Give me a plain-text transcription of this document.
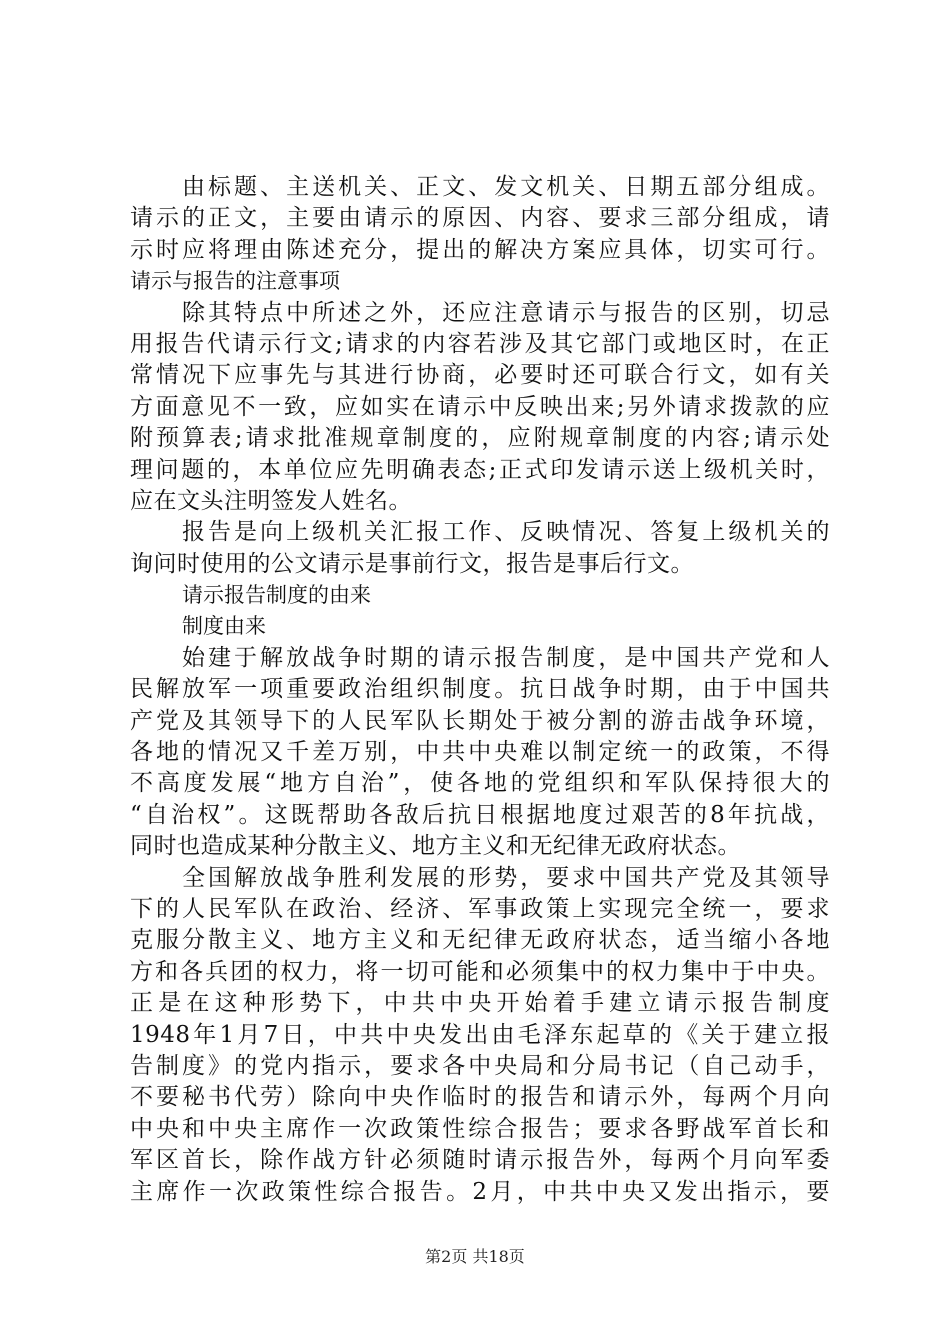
由标题、主送机关、正文、发文机关、日期五部分组成。
请示的正文，主要由请示的原因、内容、要求三部分组成，请
示时应将理由陈述充分，提出的解决方案应具体，切实可行。
请示与报告的注意事项
除其特点中所述之外，还应注意请示与报告的区别，切忌
用报告代请示行文;请求的内容若涉及其它部门或地区时，在正
常情况下应事先与其进行协商，必要时还可联合行文，如有关
方面意见不一致，应如实在请示中反映出来;另外请求拨款的应
附预算表;请求批准规章制度的，应附规章制度的内容;请示处
理问题的，本单位应先明确表态;正式印发请示送上级机关时，
应在文头注明签发人姓名。
报告是向上级机关汇报工作、反映情况、答复上级机关的
询问时使用的公文请示是事前行文，报告是事后行文。
请示报告制度的由来
制度由来
始建于解放战争时期的请示报告制度，是中国共产党和人
民解放军一项重要政治组织制度。抗日战争时期，由于中国共
产党及其领导下的人民军队长期处于被分割的游击战争环境，
各地的情况又千差万别，中共中央难以制定统一的政策，不得
不高度发展“地方自治”，使各地的党组织和军队保持很大的
“自治权”。这既帮助各敌后抗日根据地度过艰苦的8年抗战，
同时也造成某种分散主义、地方主义和无纪律无政府状态。
全国解放战争胜利发展的形势，要求中国共产党及其领导
下的人民军队在政治、经济、军事政策上实现完全统一，要求
克服分散主义、地方主义和无纪律无政府状态，适当缩小各地
方和各兵团的权力，将一切可能和必须集中的权力集中于中央。
正是在这种形势下，中共中央开始着手建立请示报告制度
1948年1月7日，中共中央发出由毛泽东起草的《关于建立报
告制度》的党内指示，要求各中央局和分局书记（自己动手，
不要秘书代劳）除向中央作临时的报告和请示外，每两个月向
中央和中央主席作一次政策性综合报告；要求各野战军首长和
军区首长，除作战方针必须随时请示报告外，每两个月向军委
主席作一次政策性综合报告。2月，中共中央又发出指示，要
第2页 共18页
